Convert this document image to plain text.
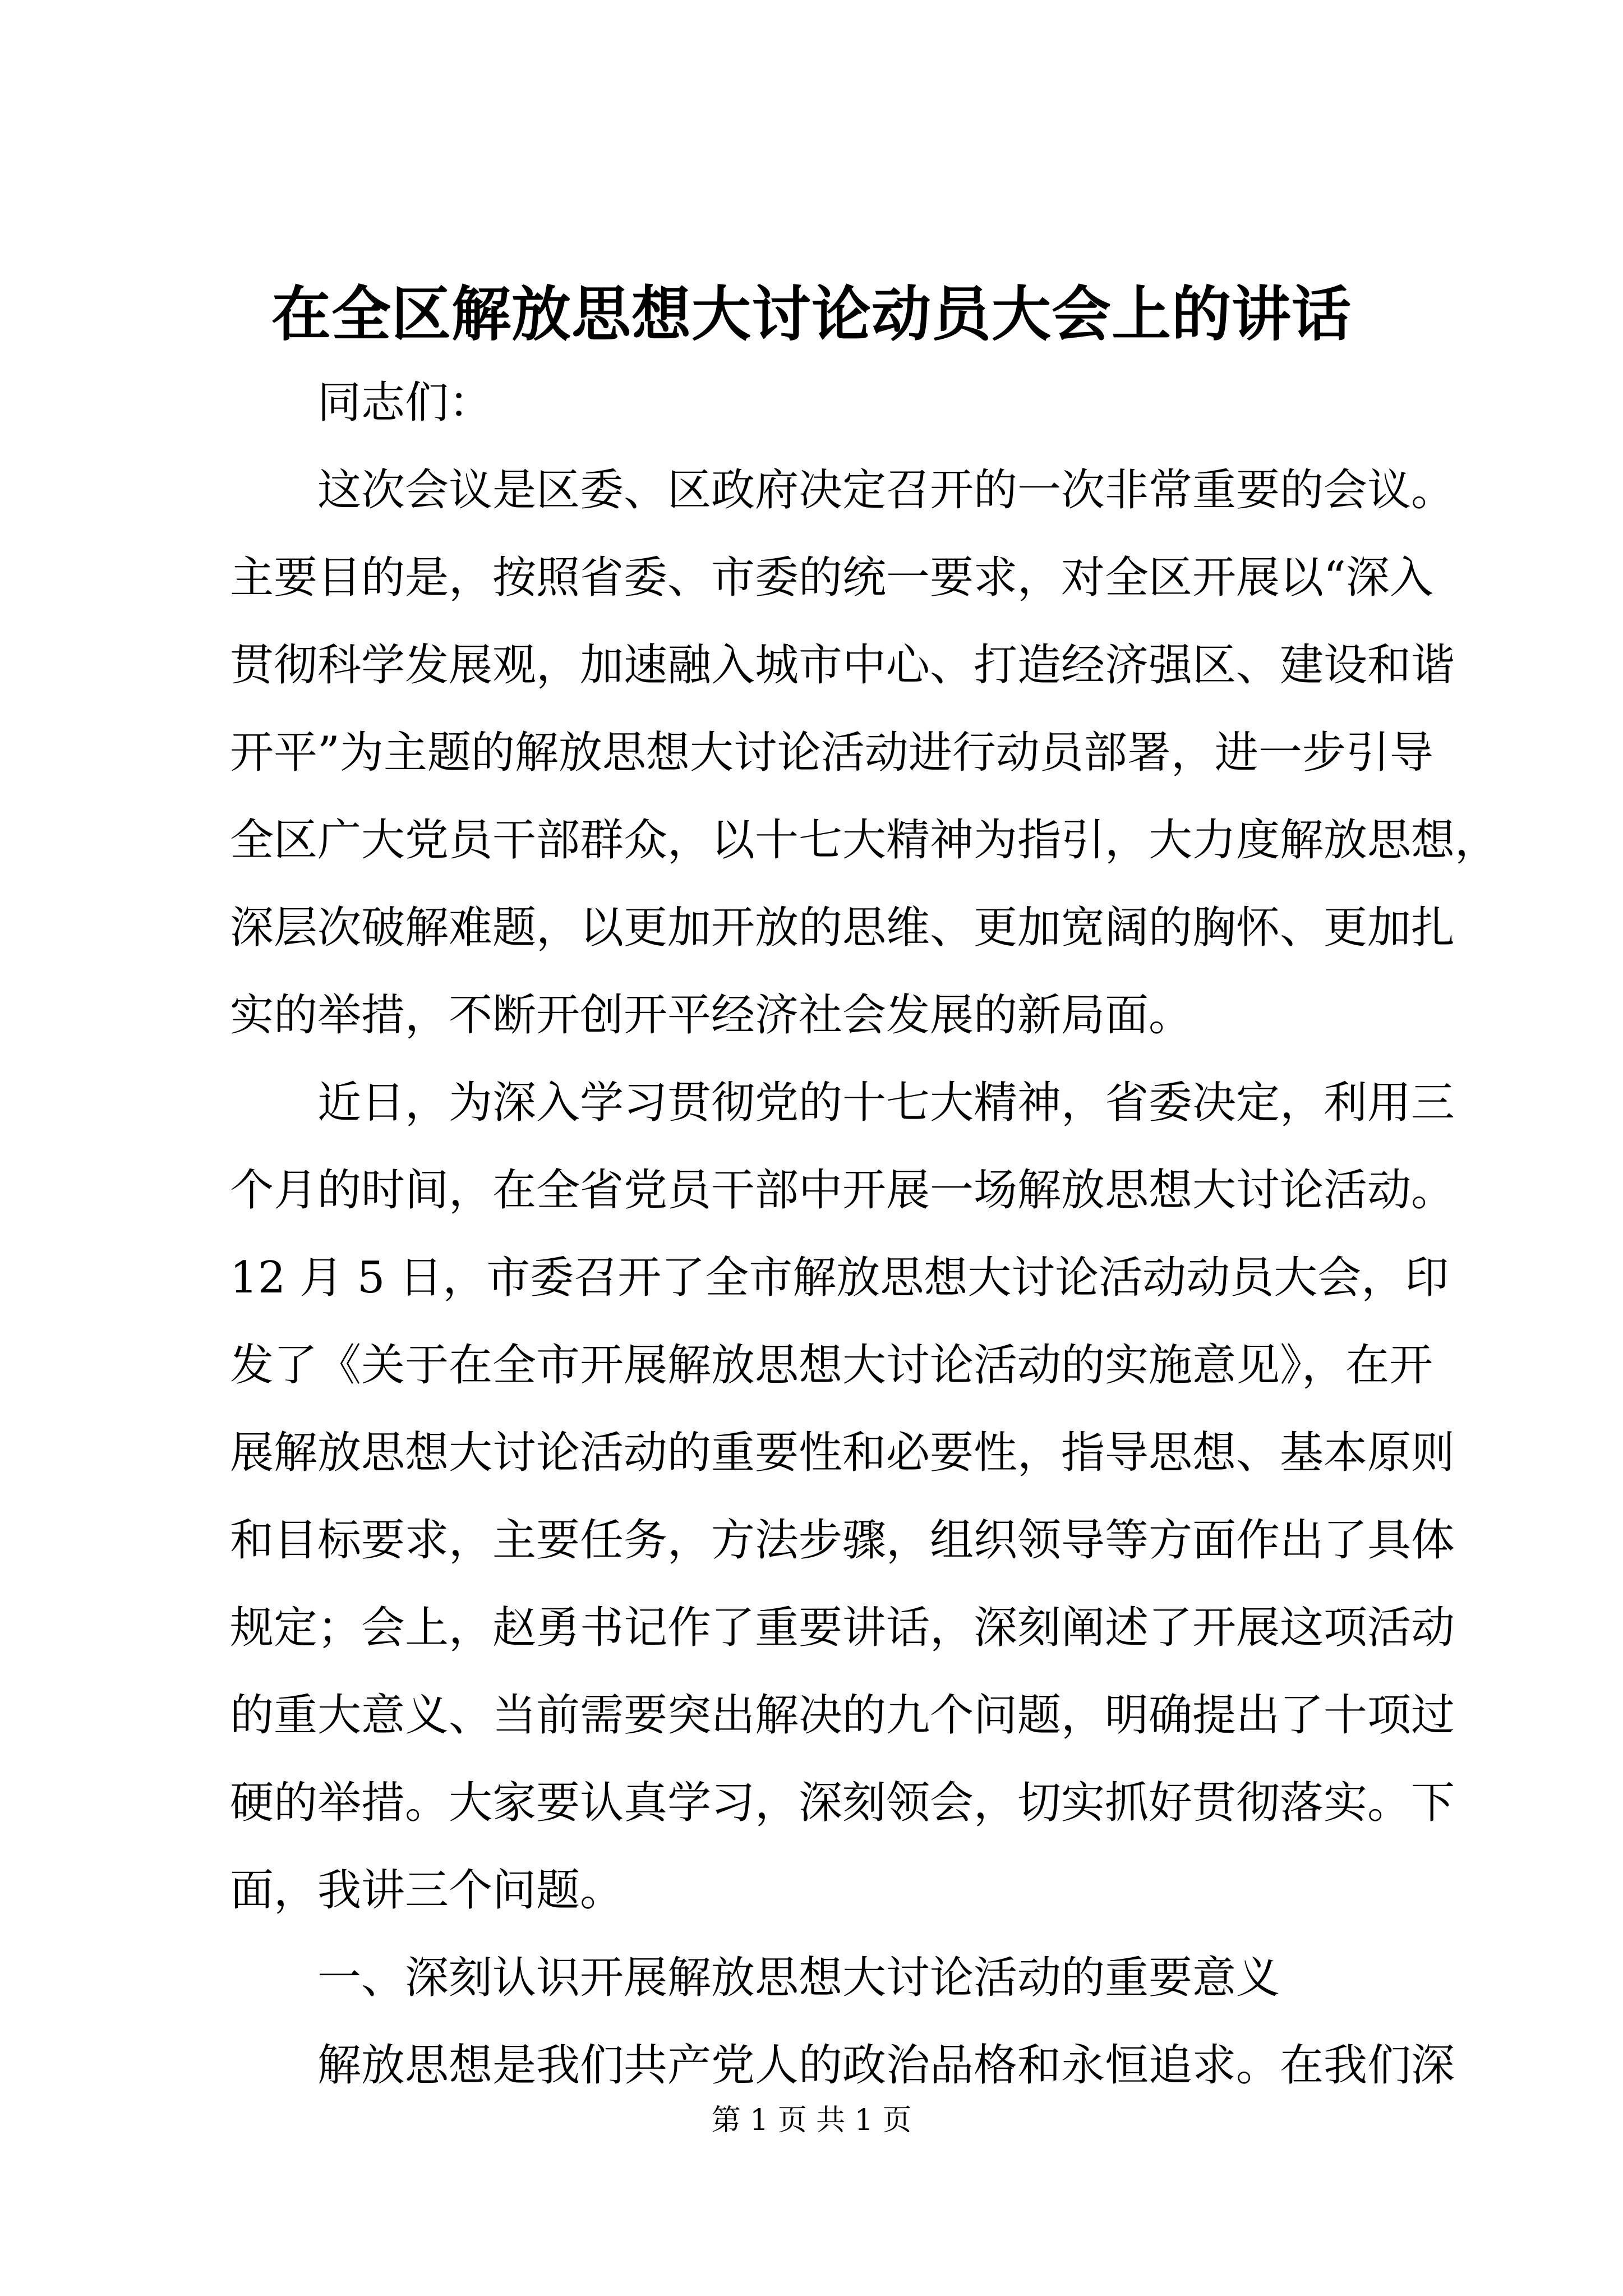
在全区解放思想大讨论动员大会上的讲话
同志们：
这次会议是区委、区政府决定召开的一次非常重要的会议。
主要目的是，按照省委、市委的统一要求，对全区开展以“深入
贯彻科学发展观，加速融入城市中心、打造经济强区、建设和谐
开平”为主题的解放思想大讨论活动进行动员部署，进一步引导
全区广大党员干部群众，以十七大精神为指引，大力度解放思想，
深层次破解难题，以更加开放的思维、更加宽阔的胸怀、更加扎
实的举措，不断开创开平经济社会发展的新局面。
近日，为深入学习贯彻党的十七大精神，省委决定，利用三
个月的时间，在全省党员干部中开展一场解放思想大讨论活动。
12 月 5 日，市委召开了全市解放思想大讨论活动动员大会，印
发了《关于在全市开展解放思想大讨论活动的实施意见》，在开
展解放思想大讨论活动的重要性和必要性，指导思想、基本原则
和目标要求，主要任务，方法步骤，组织领导等方面作出了具体
规定；会上，赵勇书记作了重要讲话，深刻阐述了开展这项活动
的重大意义、当前需要突出解决的九个问题，明确提出了十项过
硬的举措。大家要认真学习，深刻领会，切实抓好贯彻落实。下
面，我讲三个问题。
一、深刻认识开展解放思想大讨论活动的重要意义
解放思想是我们共产党人的政治品格和永恒追求。在我们深
第 1 页 共 1 页
